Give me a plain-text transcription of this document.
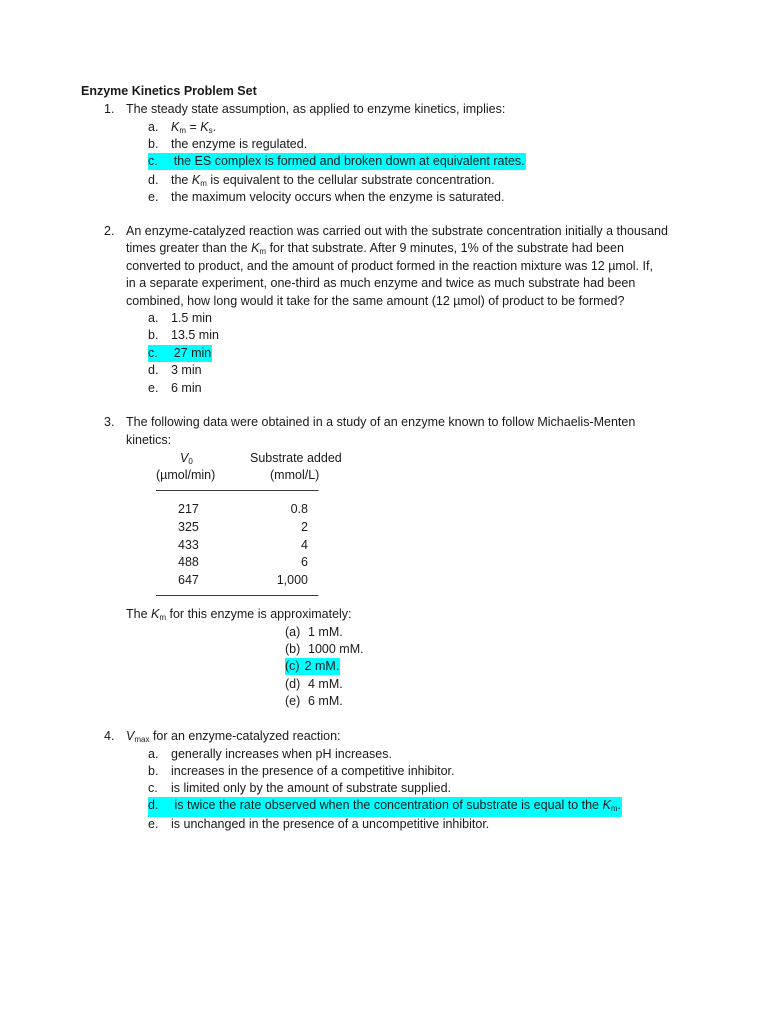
Enzyme Kinetics Problem Set
1. The steady state assumption, as applied to enzyme kinetics, implies:
a. $K_m = K_s$.
b. the enzyme is regulated.
c. the ES complex is formed and broken down at equivalent rates.
d. the $K_m$ is equivalent to the cellular substrate concentration.
e. the maximum velocity occurs when the enzyme is saturated.
2. An enzyme-catalyzed reaction was carried out with the substrate concentration initially a thousand
times greater than the $K_m$ for that substrate. After 9 minutes, 1% of the substrate had been
converted to product, and the amount of product formed in the reaction mixture was 12 µmol. If,
in a separate experiment, one-third as much enzyme and twice as much substrate had been
combined, how long would it take for the same amount (12 µmol) of product to be formed?
a. 1.5 min
b. 13.5 min
c. 27 min
d. 3 min
e. 6 min
3. The following data were obtained in a study of an enzyme known to follow Michaelis-Menten
kinetics:
$V_0$	Substrate added
(µmol/min)	(mmol/L)
—————————————
217	0.8
325	2
433	4
488	6
647	1,000
—————————————
The $K_m$ for this enzyme is approximately:
(a) 1 mM.
(b) 1000 mM.
(c) 2 mM.
(d) 4 mM.
(e) 6 mM.
4. $V_{max}$ for an enzyme-catalyzed reaction:
a. generally increases when pH increases.
b. increases in the presence of a competitive inhibitor.
c. is limited only by the amount of substrate supplied.
d. is twice the rate observed when the concentration of substrate is equal to the $K_m$.
e. is unchanged in the presence of a uncompetitive inhibitor.
